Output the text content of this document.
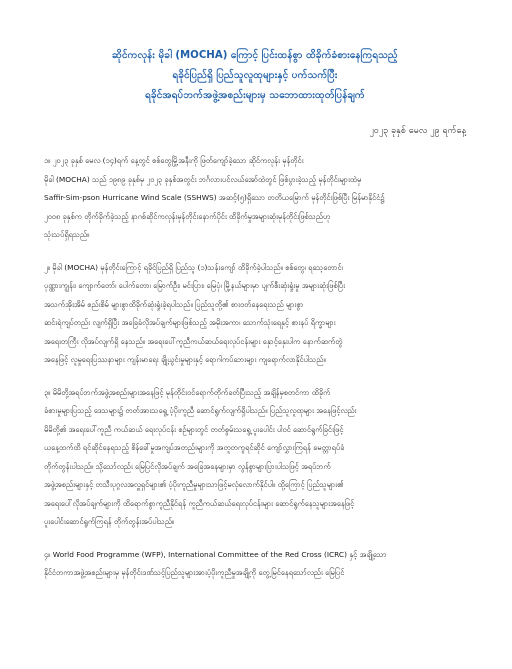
ဆိုင်ကလုန်း မိုခါ (MOCHA) ကြောင့် ပြင်းထန်စွာ ထိခိုက်ခံစားနေကြရသည့်
ရခိုင်ပြည်ရှိ ပြည်သူလူထုများနှင့် ပက်သက်ပြီး
ရခိုင်အရပ်ဘက်အဖွဲ့အစည်းများမှ သဘောထားထုတ်ပြန်ချက်
၂၀၂၃ ခုနှစ် မေလ ၂၉ ရက်နေ့
၁။ ၂၀၂၃ ခုနှစ် မေလ (၁၄)ရက် နေ့တွင် စစ်တွေမြို့အနီးကို ဖြတ်ကျော်ခဲ့သော ဆိုင်ကလုန်း မုန်တိုင်း
မိုခါ (MOCHA) သည် ၁၉၈၉ ခုနှစ်မှ ၂၀၂၃ ခုနှစ်အတွင်း ဘင်္ဂလားပင်လယ်အော်ထဲတွင် ဖြစ်ပွားခဲ့သည့် မုန်တိုင်းများထဲမှ
Saffir-Sim-pson Hurricane Wind Scale (SSHWS) အဆင့်(၅)ရှိသော တတိယမြောက် မုန်တိုင်းဖြစ်ပြီး မြန်မာနိုင်ငံ၌
၂၀၀၈ ခုနှစ်က တိုက်ခိုက်ခဲ့သည့် နာဂစ်ဆိုင်ကလုန်းမုန်တိုင်းနောက်ပိုင်း ထိခိုက်မှုအများဆုံးမုန်တိုင်းဖြစ်သည်ဟု
သုံးသပ်ရှိရသည်။
၂။ မိုခါ (MOCHA) မုန်တိုင်းကြောင့် ရခိုင်ပြည်ရှိ ပြည်သူ (၁)သန်းကျော် ထိခိုက်ခဲ့ပါသည်။ စစ်တွေ၊ ရသေ့တောင်၊
ပုဏ္ဏားကျွန်း၊ ကျောက်တော်၊ ပေါက်တော၊ မြောက်ဦး၊ မင်းပြား၊ မြေပုံ၊ မြို့နယ်များမှာ ပျက်စီးဆုံးရှုံးမှု အများဆုံးဖြစ်ပြီး
အသက်အိုးအိမ် စည်းစိမ် များစွာထိခိုက်ဆုံးရှုံးခဲ့ရပါသည်။ ပြည်သူတို့၏ စားဝတ်နေရေးသည် များစွာ
ဆင်းရဲကျပ်တည်း လျက်ရှိပြီး အခြေခံလိုအပ်ချက်များဖြစ်သည့် အမိုးအကာ၊ သောက်သုံးရေနှင့် စားနပ် ရိက္ခာများ
အရေးတကြီး လိုအပ်လျက်ရှိ နေသည်။ အရေးပေါ်ကူညီကယ်ဆယ်ရေးလုပ်ငန်းများ နှောင့်နှေးပါက နောက်ဆက်တွဲ
အနေဖြင့် လူမှုရေးပြဿနာများ ကျန်းမာရေး ချို့ယွင်းမှုများနှင့် ရောဂါကပ်ဘေးများ ကျရောက်လာနိုင်ပါသည်။
၃။ မိမိတို့အရပ်ဘက်အဖွဲ့အစည်းများအနေဖြင့် မုန်တိုင်းဝင်ရောက်တိုက်ခတ်ပြီးသည့် အချိန်မှစတင်ကာ ထိခိုက်
ခံစားမှုများပြသည့် ဒေသများ၌ တတ်အားသရွေ့ ပံ့ပိုးကူညီ ဆောင်ရွက်လျက်ရှိပါသည်။ ပြည်သူလူထုများ အနေဖြင့်လည်း
မိမိတို့၏ အရေးပေါ်ကူညီ ကယ်ဆယ် ရေးလုပ်ငန်း စဉ်များတွင် တတ်စွမ်းသရွေ့ ပူးပေါင်း ပါဝင် ဆောင်ရွက်ခြင်းဖြင့်
ယနေ့ထက်ထိ ရင်ဆိုင်နေရသည့် စိန်ခေါ်မှုအကျပ်အတည်းများကို အတူတကွရင်ဆိုင် ကျော်လွှားကြရန် မေတ္တာရပ်ခံ
တိုက်တွန်းပါသည်။ သို့သော်လည်း မြေပြင်လိုအပ်ချက် အခြေအနေများမှာ လွန်စွာများပြားပါသဖြင့် အရပ်ဘက်
အဖွဲ့အစည်းများနှင့် တသီးပုဂ္ဂလအလှူရှင်များ၏ ပံ့ပိုးကူညီမှုများသာဖြင့်မလုံလောက်နိုင်ပါ။ ထို့ကြောင့် ပြည်သူများ၏
အရေးပေါ်လိုအပ်ချက်များကို ထိရောက်စွာကူညီနိုင်ရန် ကူညီကယ်ဆယ်ရေးလုပ်ငန်းများ ဆောင်ရွက်နေသူများအနေဖြင့်
ပူးပေါင်းဆောင်ရွက်ကြရန် တိုက်တွန်းအပ်ပါသည်။
၄။ World Food Programme (WFP), International Committee of the Red Cross (ICRC) နှင့် အချို့သော
နိုင်ငံတကာအဖွဲ့အစည်းများမှ မုန်တိုင်းဒဏ်သင့်ပြည်သူများအားပံ့ပိုးကူညီမှုအချို့ကို တွေ့မြင်နေရသော်လည်း မြေပြင်
